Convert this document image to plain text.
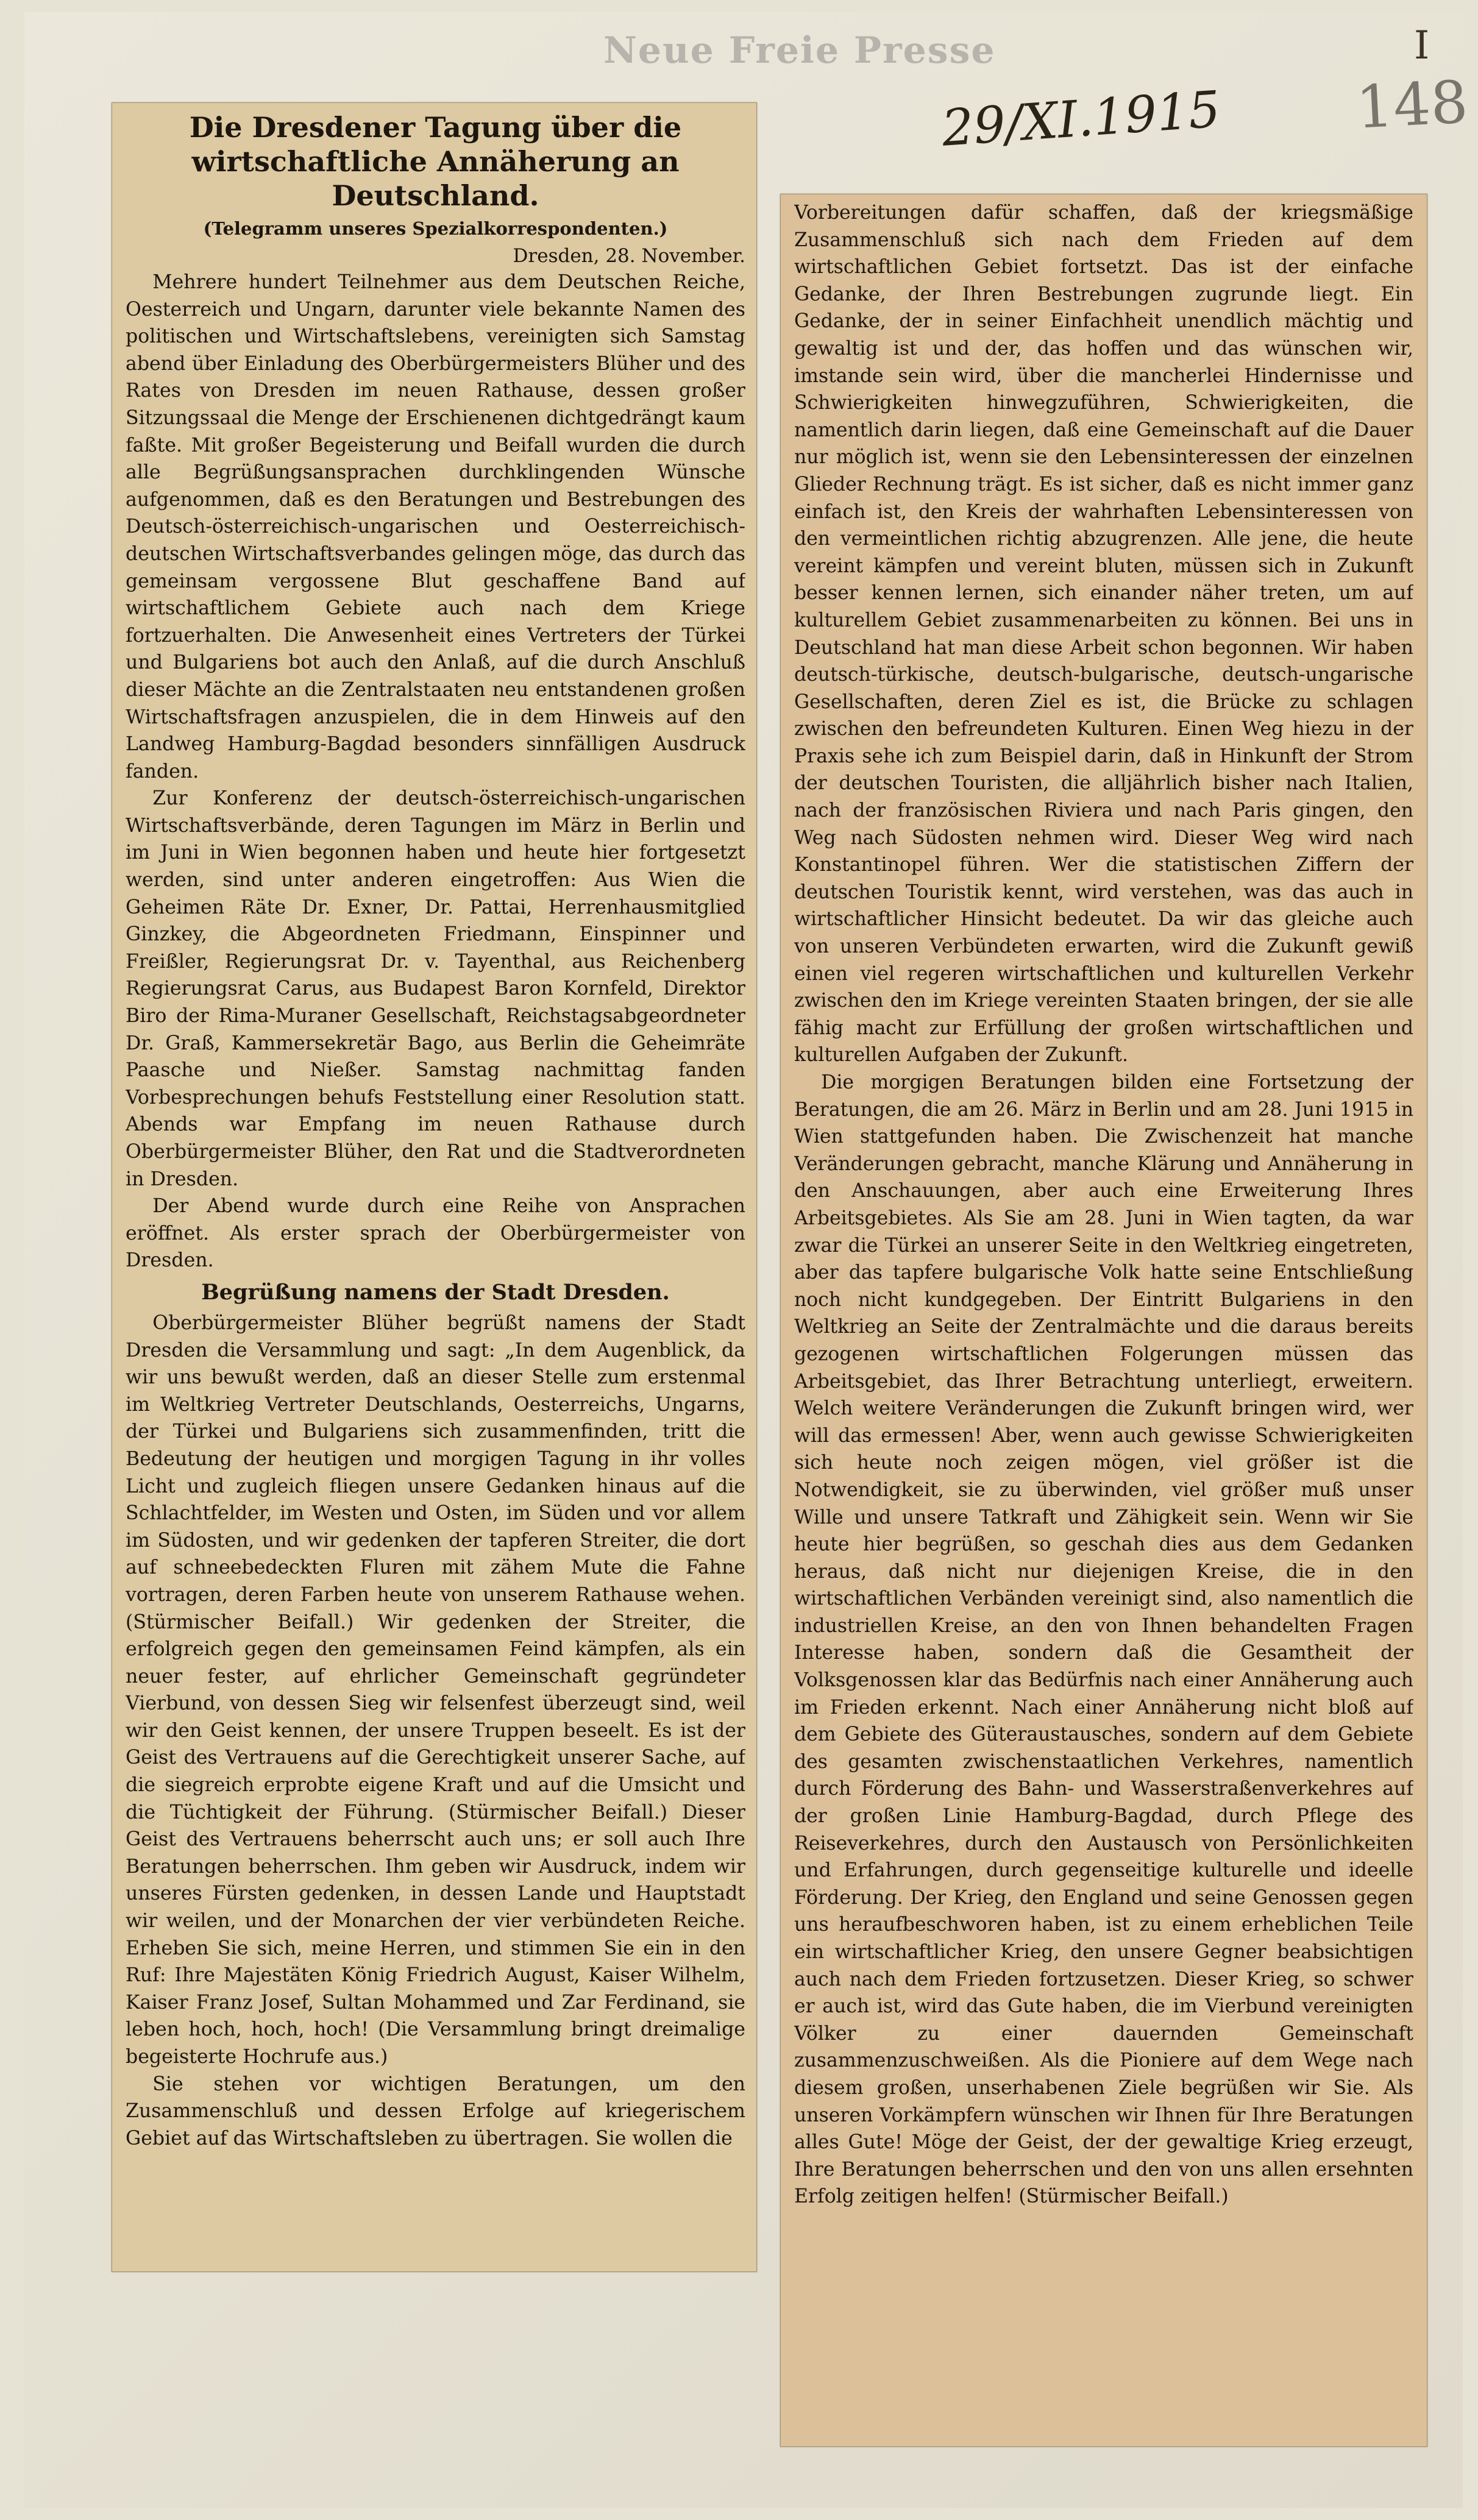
Neue Freie Presse
29/XI.1915
I
148
Die Dresdener Tagung über die wirtschaftliche Annäherung an Deutschland.
(Telegramm unseres Spezialkorrespondenten.)
Dresden, 28. November.

Mehrere hundert Teilnehmer aus dem Deutschen Reiche, Oesterreich und Ungarn, darunter viele bekannte Namen des politischen und Wirtschaftslebens, vereinigten sich Samstag abend über Einladung des Oberbürgermeisters Blüher und des Rates von Dresden im neuen Rathause, dessen großer Sitzungssaal die Menge der Erschienenen dichtgedrängt kaum faßte. Mit großer Begeisterung und Beifall wurden die durch alle Begrüßungsansprachen durchklingenden Wünsche aufgenommen, daß es den Beratungen und Bestrebungen des Deutsch-österreichisch-ungarischen und Oesterreichisch-deutschen Wirtschaftsverbandes gelingen möge, das durch das gemeinsam vergossene Blut geschaffene Band auf wirtschaftlichem Gebiete auch nach dem Kriege fortzuerhalten. Die Anwesenheit eines Vertreters der Türkei und Bulgariens bot auch den Anlaß, auf die durch Anschluß dieser Mächte an die Zentralstaaten neu entstandenen großen Wirtschaftsfragen anzuspielen, die in dem Hinweis auf den Landweg Hamburg-Bagdad besonders sinnfälligen Ausdruck fanden.

Zur Konferenz der deutsch-österreichisch-ungarischen Wirtschaftsverbände, deren Tagungen im März in Berlin und im Juni in Wien begonnen haben und heute hier fortgesetzt werden, sind unter anderen eingetroffen: Aus Wien die Geheimen Räte Dr. Exner, Dr. Pattai, Herrenhausmitglied Ginzkey, die Abgeordneten Friedmann, Einspinner und Freißler, Regierungsrat Dr. v. Tayenthal, aus Reichenberg Regierungsrat Carus, aus Budapest Baron Kornfeld, Direktor Biro der Rima-Muraner Gesellschaft, Reichstagsabgeordneter Dr. Graß, Kammersekretär Bago, aus Berlin die Geheimräte Paasche und Nießer. Samstag nachmittag fanden Vorbesprechungen behufs Feststellung einer Resolution statt. Abends war Empfang im neuen Rathause durch Oberbürgermeister Blüher, den Rat und die Stadtverordneten in Dresden.

Der Abend wurde durch eine Reihe von Ansprachen eröffnet. Als erster sprach der Oberbürgermeister von Dresden.

Begrüßung namens der Stadt Dresden.

Oberbürgermeister Blüher begrüßt namens der Stadt Dresden die Versammlung und sagt: „In dem Augenblick, da wir uns bewußt werden, daß an dieser Stelle zum erstenmal im Weltkrieg Vertreter Deutschlands, Oesterreichs, Ungarns, der Türkei und Bulgariens sich zusammenfinden, tritt die Bedeutung der heutigen und morgigen Tagung in ihr volles Licht und zugleich fliegen unsere Gedanken hinaus auf die Schlachtfelder, im Westen und Osten, im Süden und vor allem im Südosten, und wir gedenken der tapferen Streiter, die dort auf schneebedeckten Fluren mit zähem Mute die Fahne vortragen, deren Farben heute von unserem Rathause wehen. (Stürmischer Beifall.) Wir gedenken der Streiter, die erfolgreich gegen den gemeinsamen Feind kämpfen, als ein neuer fester, auf ehrlicher Gemeinschaft gegründeter Vierbund, von dessen Sieg wir felsenfest überzeugt sind, weil wir den Geist kennen, der unsere Truppen beseelt. Es ist der Geist des Vertrauens auf die Gerechtigkeit unserer Sache, auf die siegreich erprobte eigene Kraft und auf die Umsicht und die Tüchtigkeit der Führung. (Stürmischer Beifall.) Dieser Geist des Vertrauens beherrscht auch uns; er soll auch Ihre Beratungen beherrschen. Ihm geben wir Ausdruck, indem wir unseres Fürsten gedenken, in dessen Lande und Hauptstadt wir weilen, und der Monarchen der vier verbündeten Reiche. Erheben Sie sich, meine Herren, und stimmen Sie ein in den Ruf: Ihre Majestäten König Friedrich August, Kaiser Wilhelm, Kaiser Franz Josef, Sultan Mohammed und Zar Ferdinand, sie leben hoch, hoch, hoch! (Die Versammlung bringt dreimalige begeisterte Hochrufe aus.)

Sie stehen vor wichtigen Beratungen, um den Zusammenschluß und dessen Erfolge auf kriegerischem Gebiet auf das Wirtschaftsleben zu übertragen. Sie wollen die

Vorbereitungen dafür schaffen, daß der kriegsmäßige Zusammenschluß sich nach dem Frieden auf dem wirtschaftlichen Gebiet fortsetzt. Das ist der einfache Gedanke, der Ihren Bestrebungen zugrunde liegt. Ein Gedanke, der in seiner Einfachheit unendlich mächtig und gewaltig ist und der, das hoffen und das wünschen wir, imstande sein wird, über die mancherlei Hindernisse und Schwierigkeiten hinwegzuführen, Schwierigkeiten, die namentlich darin liegen, daß eine Gemeinschaft auf die Dauer nur möglich ist, wenn sie den Lebensinteressen der einzelnen Glieder Rechnung trägt. Es ist sicher, daß es nicht immer ganz einfach ist, den Kreis der wahrhaften Lebensinteressen von den vermeintlichen richtig abzugrenzen. Alle jene, die heute vereint kämpfen und vereint bluten, müssen sich in Zukunft besser kennen lernen, sich einander näher treten, um auf kulturellem Gebiet zusammenarbeiten zu können. Bei uns in Deutschland hat man diese Arbeit schon begonnen. Wir haben deutsch-türkische, deutsch-bulgarische, deutsch-ungarische Gesellschaften, deren Ziel es ist, die Brücke zu schlagen zwischen den befreundeten Kulturen. Einen Weg hiezu in der Praxis sehe ich zum Beispiel darin, daß in Hinkunft der Strom der deutschen Touristen, die alljährlich bisher nach Italien, nach der französischen Riviera und nach Paris gingen, den Weg nach Südosten nehmen wird. Dieser Weg wird nach Konstantinopel führen. Wer die statistischen Ziffern der deutschen Touristik kennt, wird verstehen, was das auch in wirtschaftlicher Hinsicht bedeutet. Da wir das gleiche auch von unseren Verbündeten erwarten, wird die Zukunft gewiß einen viel regeren wirtschaftlichen und kulturellen Verkehr zwischen den im Kriege vereinten Staaten bringen, der sie alle fähig macht zur Erfüllung der großen wirtschaftlichen und kulturellen Aufgaben der Zukunft.

Die morgigen Beratungen bilden eine Fortsetzung der Beratungen, die am 26. März in Berlin und am 28. Juni 1915 in Wien stattgefunden haben. Die Zwischenzeit hat manche Veränderungen gebracht, manche Klärung und Annäherung in den Anschauungen, aber auch eine Erweiterung Ihres Arbeitsgebietes. Als Sie am 28. Juni in Wien tagten, da war zwar die Türkei an unserer Seite in den Weltkrieg eingetreten, aber das tapfere bulgarische Volk hatte seine Entschließung noch nicht kundgegeben. Der Eintritt Bulgariens in den Weltkrieg an Seite der Zentralmächte und die daraus bereits gezogenen wirtschaftlichen Folgerungen müssen das Arbeitsgebiet, das Ihrer Betrachtung unterliegt, erweitern. Welch weitere Veränderungen die Zukunft bringen wird, wer will das ermessen! Aber, wenn auch gewisse Schwierigkeiten sich heute noch zeigen mögen, viel größer ist die Notwendigkeit, sie zu überwinden, viel größer muß unser Wille und unsere Tatkraft und Zähigkeit sein. Wenn wir Sie heute hier begrüßen, so geschah dies aus dem Gedanken heraus, daß nicht nur diejenigen Kreise, die in den wirtschaftlichen Verbänden vereinigt sind, also namentlich die industriellen Kreise, an den von Ihnen behandelten Fragen Interesse haben, sondern daß die Gesamtheit der Volksgenossen klar das Bedürfnis nach einer Annäherung auch im Frieden erkennt. Nach einer Annäherung nicht bloß auf dem Gebiete des Güteraustausches, sondern auf dem Gebiete des gesamten zwischenstaatlichen Verkehres, namentlich durch Förderung des Bahn- und Wasserstraßenverkehres auf der großen Linie Hamburg-Bagdad, durch Pflege des Reiseverkehres, durch den Austausch von Persönlichkeiten und Erfahrungen, durch gegenseitige kulturelle und ideelle Förderung. Der Krieg, den England und seine Genossen gegen uns heraufbeschworen haben, ist zu einem erheblichen Teile ein wirtschaftlicher Krieg, den unsere Gegner beabsichtigen auch nach dem Frieden fortzusetzen. Dieser Krieg, so schwer er auch ist, wird das Gute haben, die im Vierbund vereinigten Völker zu einer dauernden Gemeinschaft zusammenzuschweißen. Als die Pioniere auf dem Wege nach diesem großen, unserhabenen Ziele begrüßen wir Sie. Als unseren Vorkämpfern wünschen wir Ihnen für Ihre Beratungen alles Gute! Möge der Geist, der der gewaltige Krieg erzeugt, Ihre Beratungen beherrschen und den von uns allen ersehnten Erfolg zeitigen helfen! (Stürmischer Beifall.)
